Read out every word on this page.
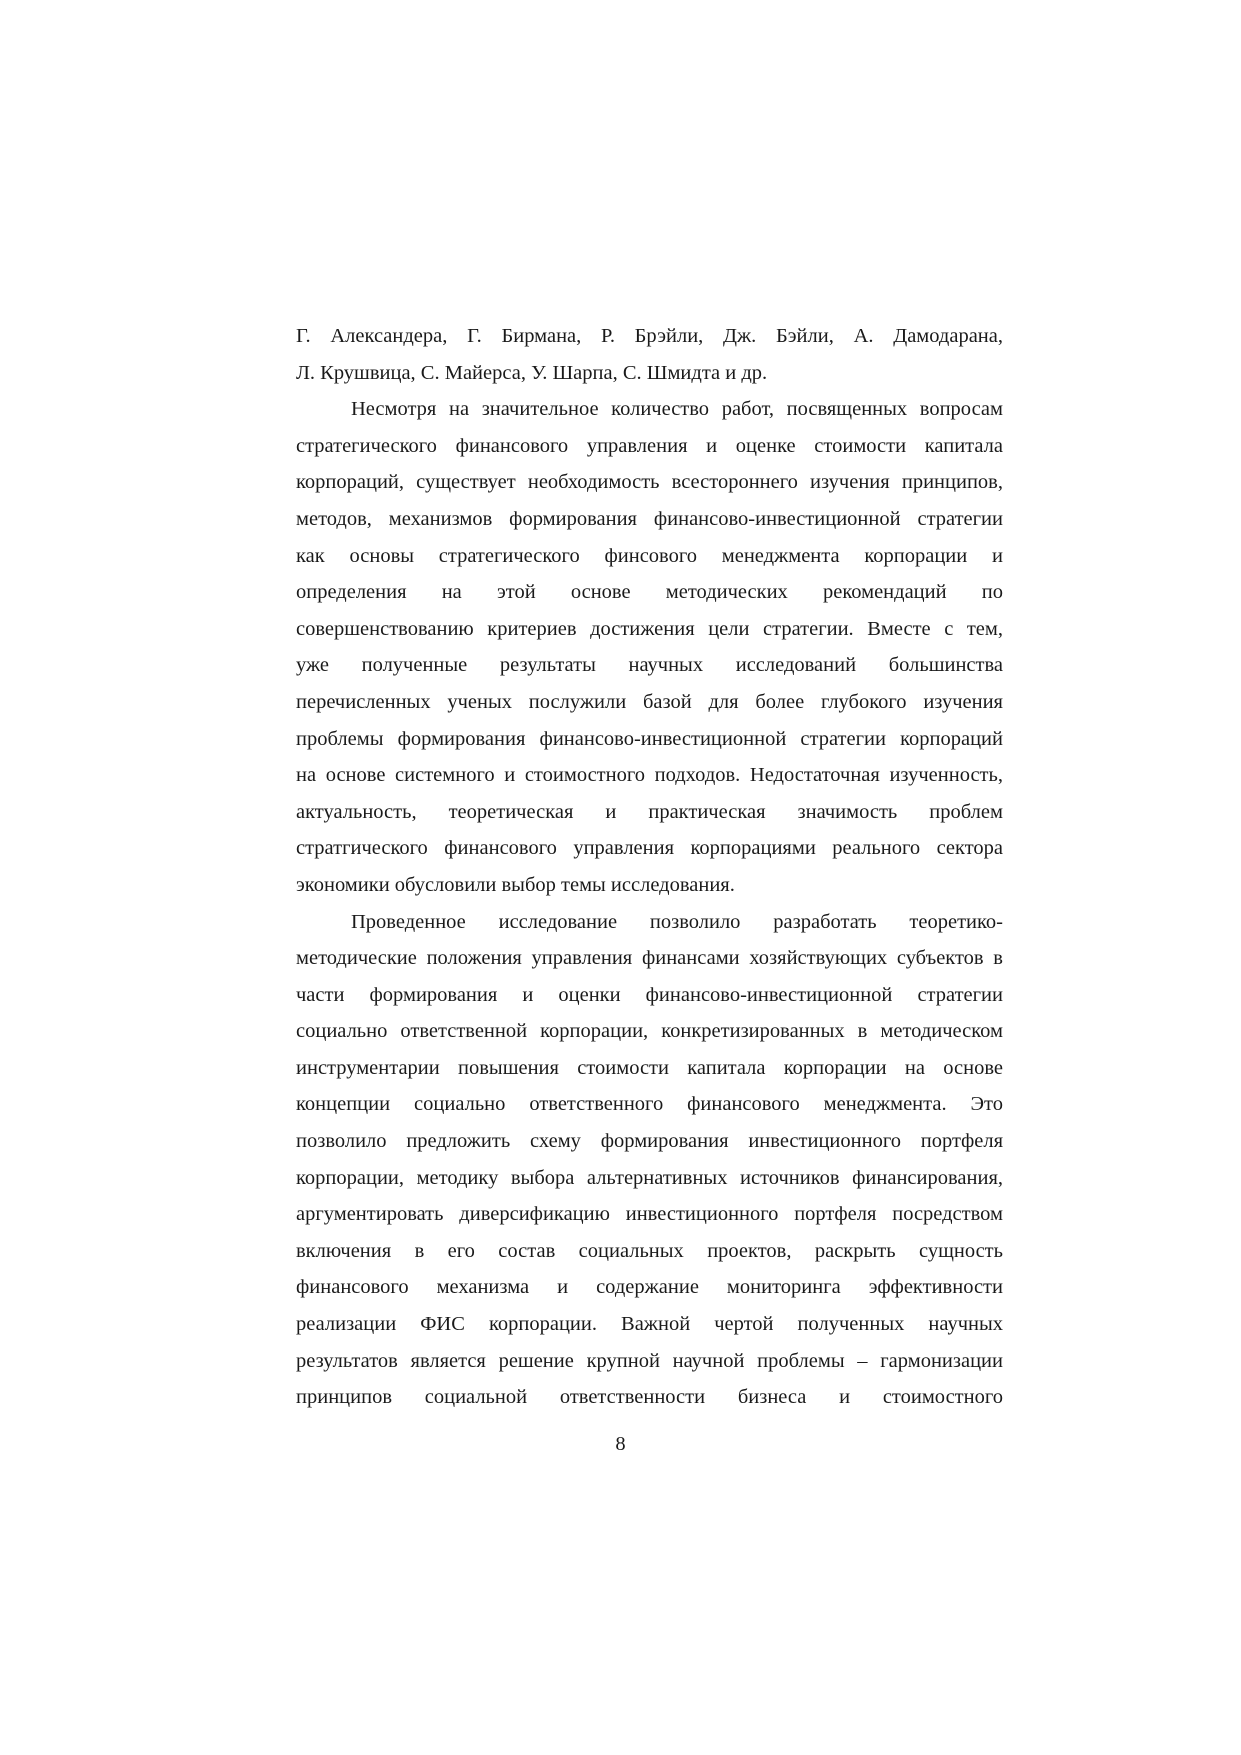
Г. Александера, Г. Бирмана, Р. Брэйли, Дж. Бэйли, А. Дамодарана,
Л. Крушвица, С. Майерса, У. Шарпа, С. Шмидта и др.
Несмотря на значительное количество работ, посвященных вопросам
стратегического финансового управления и оценке стоимости капитала
корпораций, существует необходимость всестороннего изучения принципов,
методов, механизмов формирования финансово-инвестиционной стратегии
как основы стратегического финсового менеджмента корпорации и
определения на этой основе методических рекомендаций по
совершенствованию критериев достижения цели стратегии. Вместе с тем,
уже полученные результаты научных исследований большинства
перечисленных ученых послужили базой для более глубокого изучения
проблемы формирования финансово-инвестиционной стратегии корпораций
на основе системного и стоимостного подходов. Недостаточная изученность,
актуальность, теоретическая и практическая значимость проблем
стратгического финансового управления корпорациями реального сектора
экономики обусловили выбор темы исследования.
Проведенное исследование позволило разработать теоретико-
методические положения управления финансами хозяйствующих субъектов в
части формирования и оценки финансово-инвестиционной стратегии
социально ответственной корпорации, конкретизированных в методическом
инструментарии повышения стоимости капитала корпорации на основе
концепции социально ответственного финансового менеджмента. Это
позволило предложить схему формирования инвестиционного портфеля
корпорации, методику выбора альтернативных источников финансирования,
аргументировать диверсификацию инвестиционного портфеля посредством
включения в его состав социальных проектов, раскрыть сущность
финансового механизма и содержание мониторинга эффективности
реализации ФИС корпорации. Важной чертой полученных научных
результатов является решение крупной научной проблемы – гармонизации
принципов социальной ответственности бизнеса и стоимостного
8
